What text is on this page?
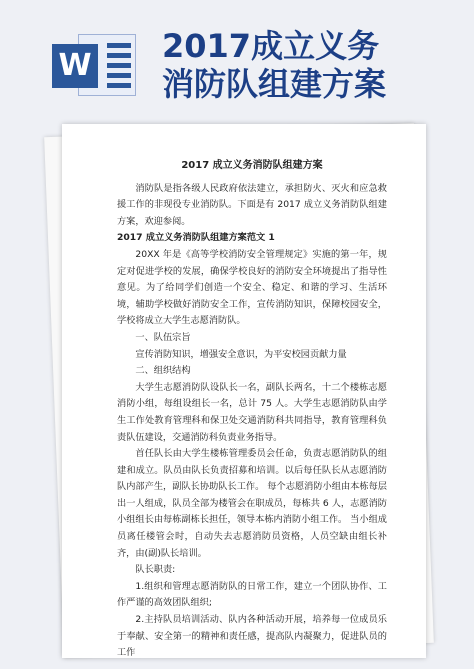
W
2017成立义务
消防队组建方案
2017 成立义务消防队组建方案

消防队是指各级人民政府依法建立，承担防火、灭火和应急救援工作的非现役专业消防队。下面是有 2017 成立义务消防队组建方案，欢迎参阅。

2017 成立义务消防队组建方案范文 1

20XX 年是《高等学校消防安全管理规定》实施的第一年，规定对促进学校的发展，确保学校良好的消防安全环境提出了指导性意见。为了给同学们创造一个安全、稳定、和谐的学习、生活环境，辅助学校做好消防安全工作，宣传消防知识，保障校园安全，学校将成立大学生志愿消防队。

一、队伍宗旨

宣传消防知识，增强安全意识，为平安校园贡献力量

二、组织结构

大学生志愿消防队设队长一名，副队长两名，十二个楼栋志愿消防小组，每组设组长一名，总计 75 人。大学生志愿消防队由学生工作处教育管理科和保卫处交通消防科共同指导，教育管理科负责队伍建设，交通消防科负责业务指导。

首任队长由大学生楼栋管理委员会任命，负责志愿消防队的组建和成立。队员由队长负责招募和培训。以后每任队长从志愿消防队内部产生，副队长协助队长工作。 每个志愿消防小组由本栋每层出一人组成，队员全部为楼管会在职成员，每栋共 6 人，志愿消防小组组长由每栋副栋长担任，领导本栋内消防小组工作。 当小组成员离任楼管会时，自动失去志愿消防员资格，人员空缺由组长补齐，由(副)队长培训。

队长职责:

1.组织和管理志愿消防队的日常工作，建立一个团队协作、工作严谨的高效团队组织;

2.主持队员培训活动、队内各种活动开展，培养每一位成员乐于奉献、安全第一的精神和责任感，提高队内凝聚力，促进队员的工作
